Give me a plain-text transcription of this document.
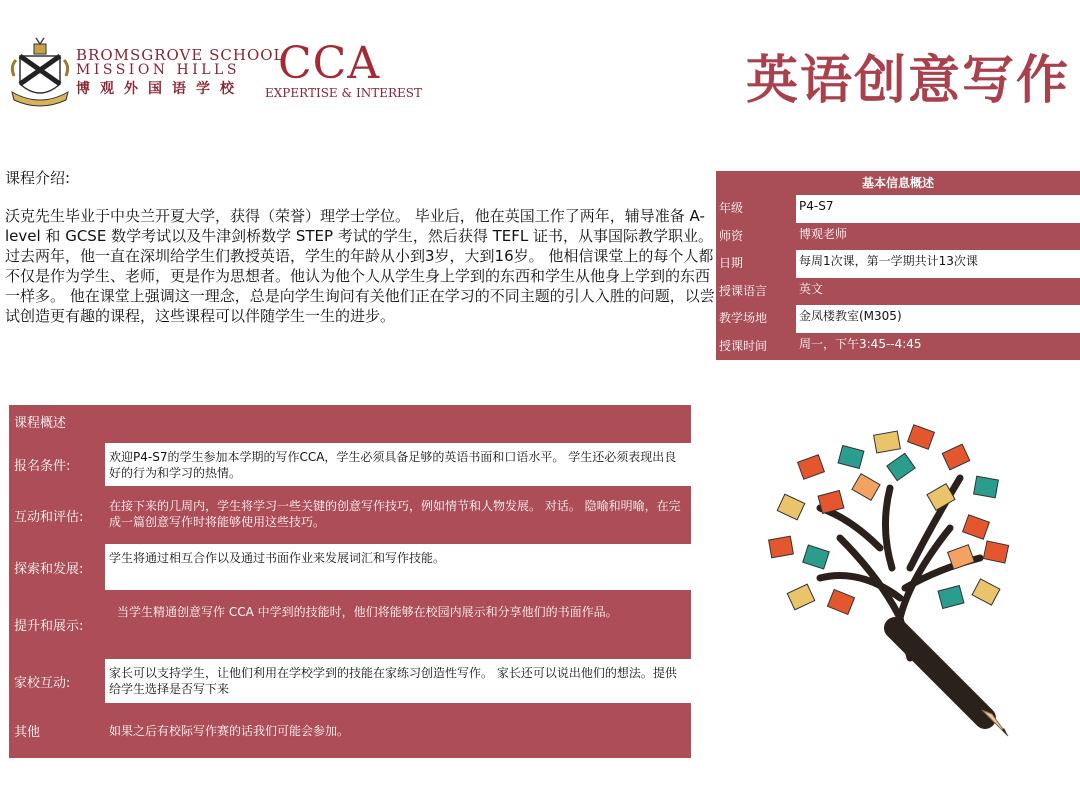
BROMSGROVE SCHOOL
MISSION HILLS
博观外国语学校 CCA
EXPERTISE & INTEREST	英语创意写作
课程介绍:
沃克先生毕业于中央兰开夏大学，获得（荣誉）理学士学位。 毕业后，他在英国工作了两年，辅导准备 A-level 和 GCSE 数学考试以及牛津剑桥数学 STEP 考试的学生，然后获得 TEFL 证书，从事国际教学职业。 过去两年，他一直在深圳给学生们教授英语，学生的年龄从小到3岁，大到16岁。 他相信课堂上的每个人都不仅是作为学生、老师，更是作为思想者。他认为他个人从学生身上学到的东西和学生从他身上学到的东西一样多。 他在课堂上强调这一理念，总是向学生询问有关他们正在学习的不同主题的引人入胜的问题，以尝试创造更有趣的课程，这些课程可以伴随学生一生的进步。
基本信息概述
年级	P4-S7
师资	博观老师
日期	每周1次课，第一学期共计13次课
授课语言	英文
教学场地	金凤楼教室(M305)
授课时间	周一，下午3:45--4:45
课程概述
报名条件:
欢迎P4-S7的学生参加本学期的写作CCA，学生必须具备足够的英语书面和口语水平。 学生还必须表现出良好的行为和学习的热情。
互动和评估:
在接下来的几周内，学生将学习一些关键的创意写作技巧，例如情节和人物发展。 对话。 隐喻和明喻，在完成一篇创意写作时将能够使用这些技巧。
探索和发展:
学生将通过相互合作以及通过书面作业来发展词汇和写作技能。
提升和展示:
当学生精通创意写作 CCA 中学到的技能时，他们将能够在校园内展示和分享他们的书面作品。
家校互动:
家长可以支持学生，让他们利用在学校学到的技能在家练习创造性写作。 家长还可以说出他们的想法。提供给学生选择是否写下来
其他	如果之后有校际写作赛的话我们可能会参加。
